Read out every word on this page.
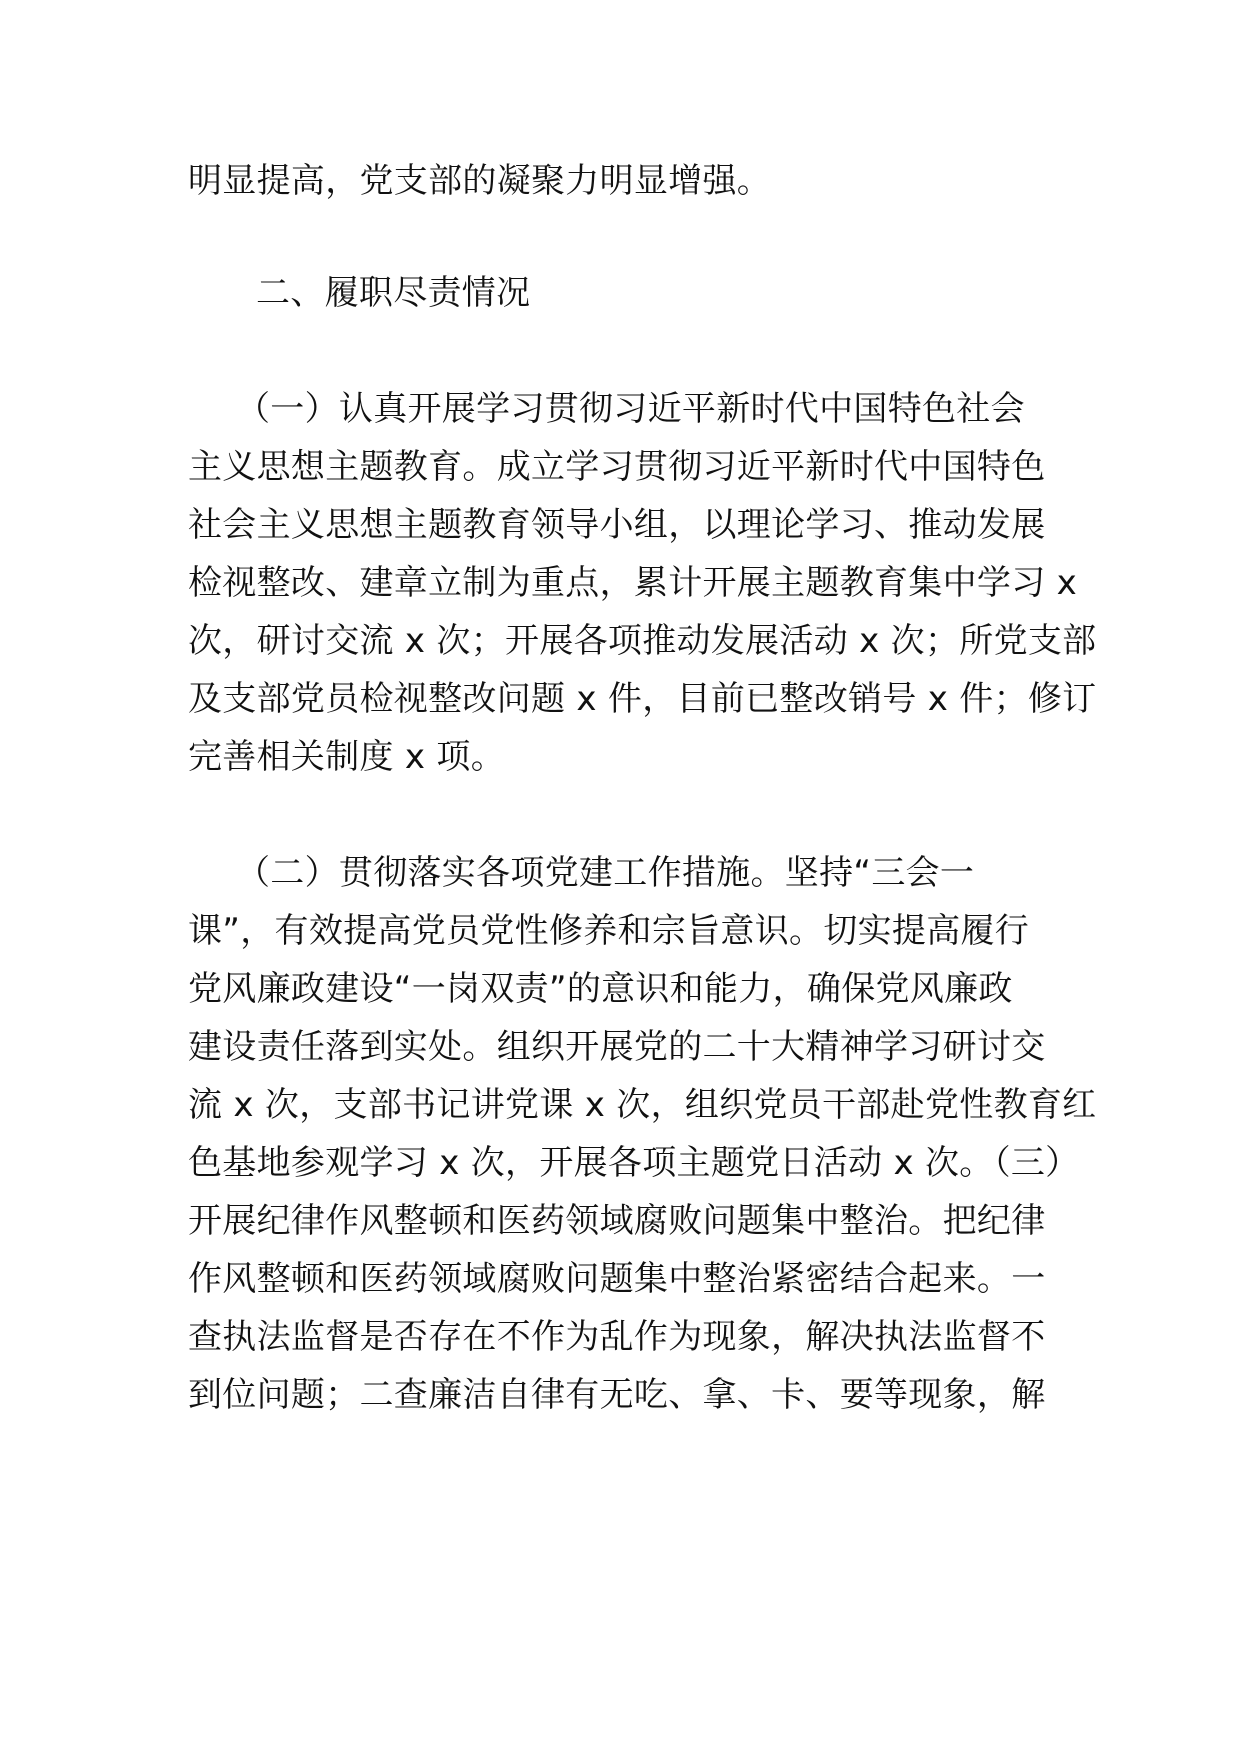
明显提高，党支部的凝聚力明显增强。
二、履职尽责情况
（一）认真开展学习贯彻习近平新时代中国特色社会
主义思想主题教育。成立学习贯彻习近平新时代中国特色
社会主义思想主题教育领导小组，以理论学习、推动发展
检视整改、建章立制为重点，累计开展主题教育集中学习 x
次，研讨交流 x 次；开展各项推动发展活动 x 次；所党支部
及支部党员检视整改问题 x 件，目前已整改销号 x 件；修订
完善相关制度 x 项。
（二）贯彻落实各项党建工作措施。坚持“三会一
课”，有效提高党员党性修养和宗旨意识。切实提高履行
党风廉政建设“一岗双责”的意识和能力，确保党风廉政
建设责任落到实处。组织开展党的二十大精神学习研讨交
流 x 次，支部书记讲党课 x 次，组织党员干部赴党性教育红
色基地参观学习 x 次，开展各项主题党日活动 x 次。（三）
开展纪律作风整顿和医药领域腐败问题集中整治。把纪律
作风整顿和医药领域腐败问题集中整治紧密结合起来。一
查执法监督是否存在不作为乱作为现象，解决执法监督不
到位问题；二查廉洁自律有无吃、拿、卡、要等现象，解
